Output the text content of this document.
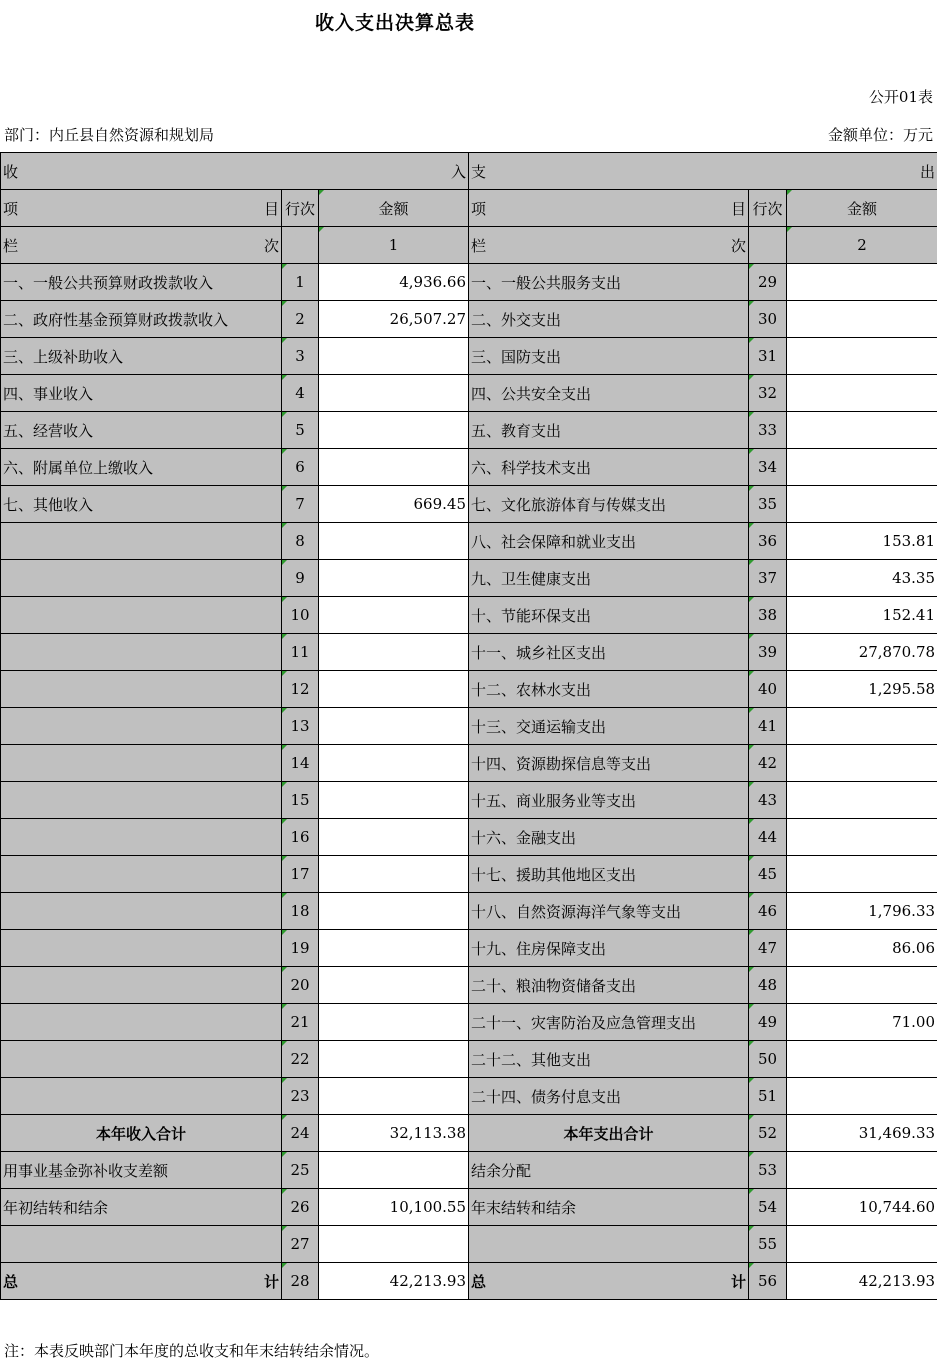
收入支出决算总表
公开01表
部门：内丘县自然资源和规划局	金额单位：万元
收 入			支 出		

项 目	行次	金额	项 目	行次	金额

栏 次		1	栏 次		2
一、一般公共预算财政拨款收入	1	4,936.66	一、一般公共服务支出	29	
二、政府性基金预算财政拨款收入	2	26,507.27	二、外交支出	30	
三、上级补助收入	3		三、国防支出	31	
四、事业收入	4		四、公共安全支出	32	
五、经营收入	5		五、教育支出	33	
六、附属单位上缴收入	6		六、科学技术支出	34	
七、其他收入	7	669.45	七、文化旅游体育与传媒支出	35	
	8		八、社会保障和就业支出	36	153.81
	9		九、卫生健康支出	37	43.35
	10		十、节能环保支出	38	152.41
	11		十一、城乡社区支出	39	27,870.78
	12		十二、农林水支出	40	1,295.58
	13		十三、交通运输支出	41	
	14		十四、资源勘探信息等支出	42	
	15		十五、商业服务业等支出	43	
	16		十六、金融支出	44	
	17		十七、援助其他地区支出	45	
	18		十八、自然资源海洋气象等支出	46	1,796.33
	19		十九、住房保障支出	47	86.06
	20		二十、粮油物资储备支出	48	
	21		二十一、灾害防治及应急管理支出	49	71.00
	22		二十二、其他支出	50	
	23		二十四、债务付息支出	51	
本年收入合计	24	32,113.38	本年支出合计	52	31,469.33
用事业基金弥补收支差额	25		结余分配	53	
年初结转和结余	26	10,100.55	年末结转和结余	54	10,744.60
	27			55	

总 计	28	42,213.93	总 计	56	42,213.93
注：本表反映部门本年度的总收支和年末结转结余情况。
